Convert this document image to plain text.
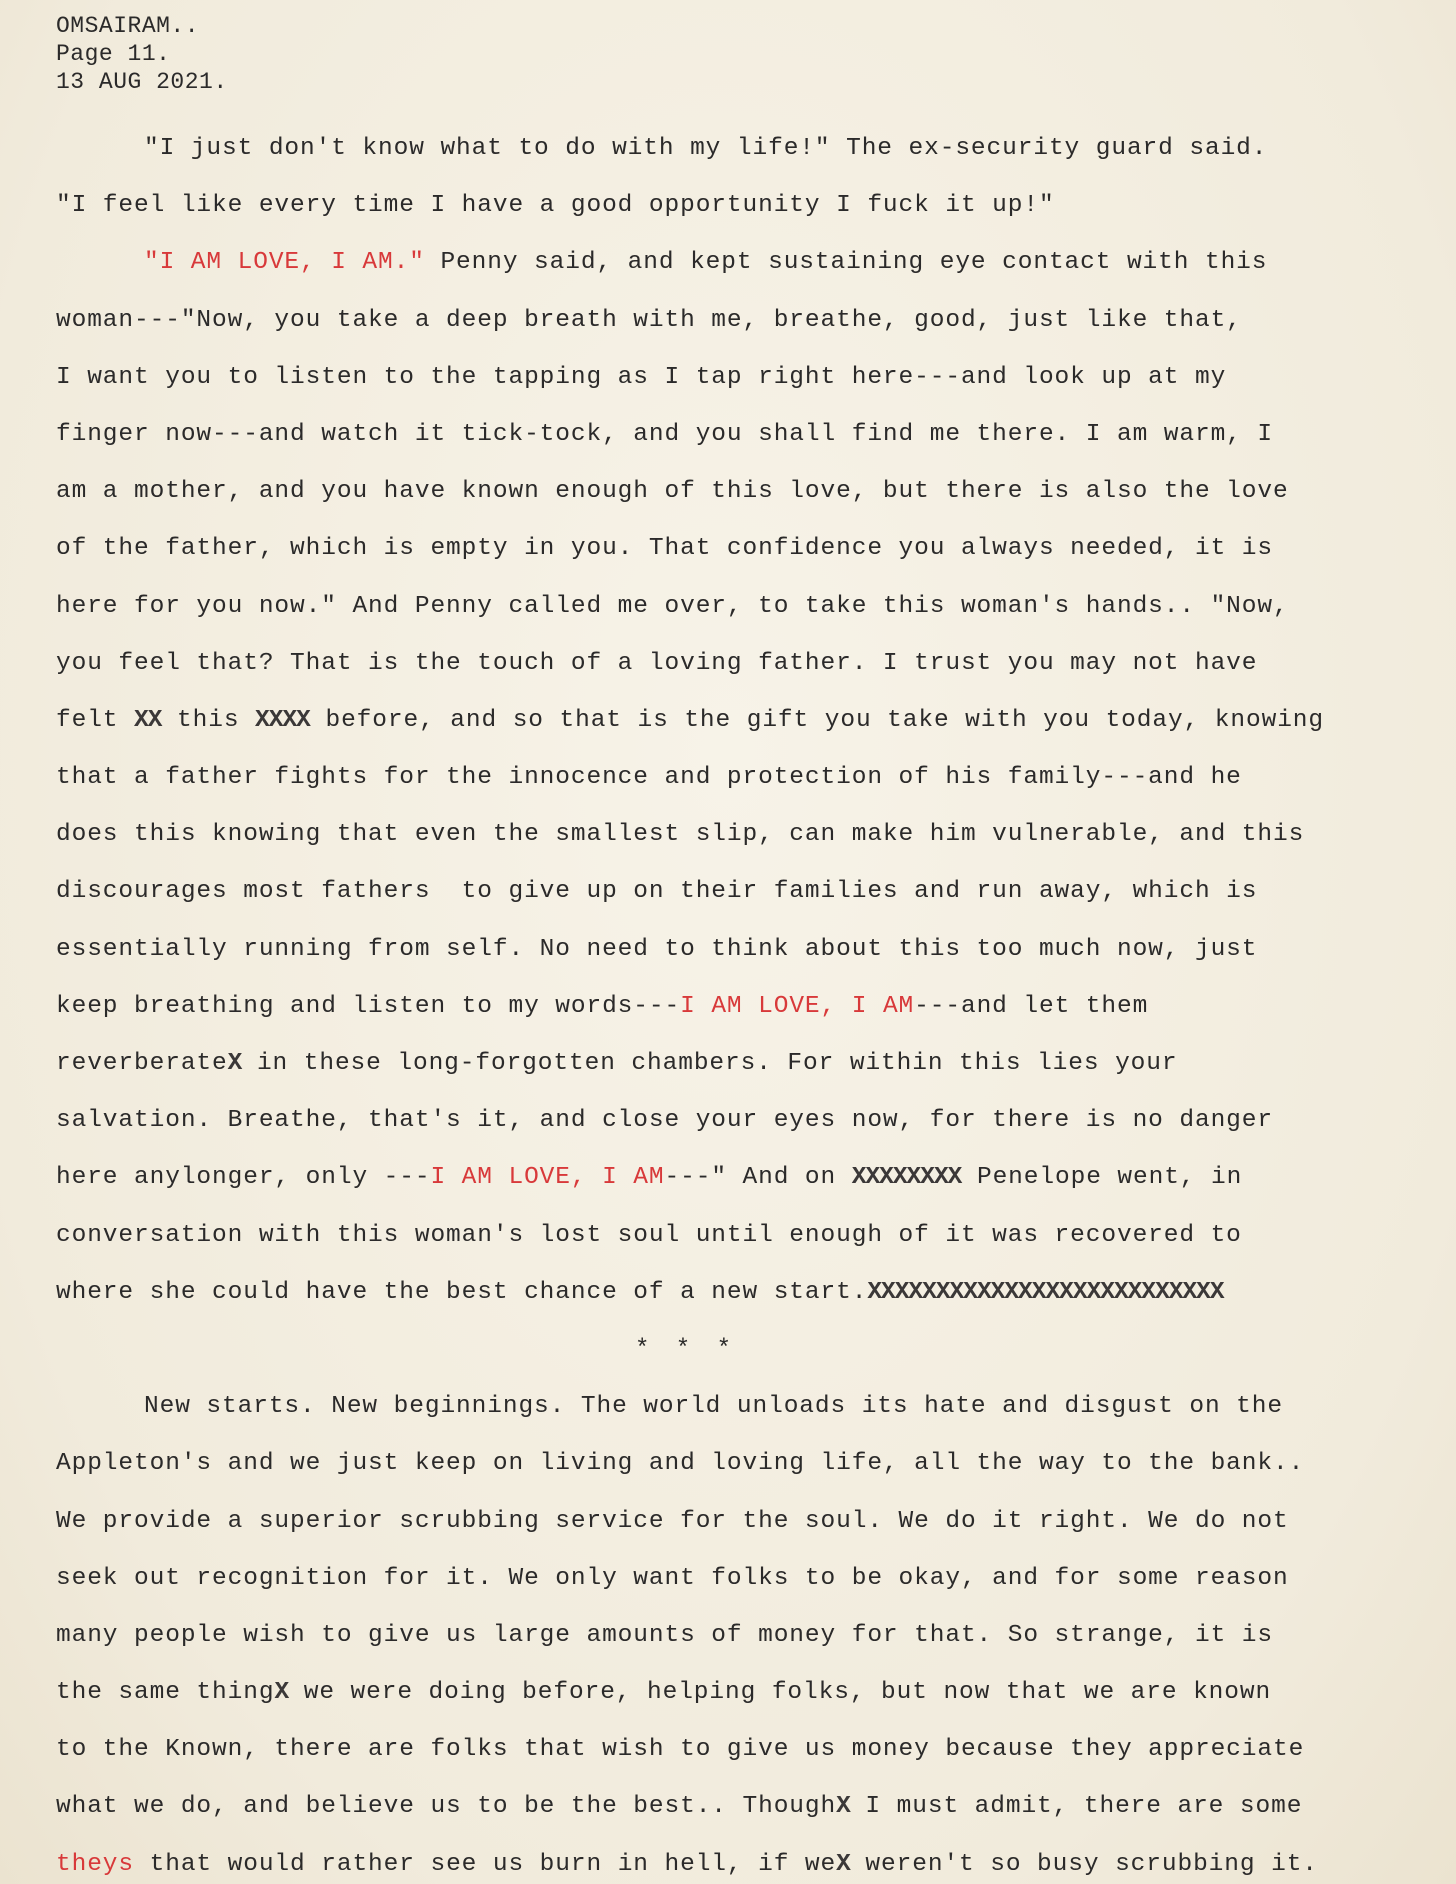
OMSAIRAM..
Page 11.
13 AUG 2021.
"I just don't know what to do with my life!" The ex-security guard said.
"I feel like every time I have a good opportunity I fuck it up!"
"I AM LOVE, I AM." Penny said, and kept sustaining eye contact with this
woman---"Now, you take a deep breath with me, breathe, good, just like that,
I want you to listen to the tapping as I tap right here---and look up at my
finger now---and watch it tick-tock, and you shall find me there. I am warm, I
am a mother, and you have known enough of this love, but there is also the love
of the father, which is empty in you. That confidence you always needed, it is
here for you now." And Penny called me over, to take this woman's hands.. "Now,
you feel that? That is the touch of a loving father. I trust you may not have
felt XX this XXXX before, and so that is the gift you take with you today, knowing
that a father fights for the innocence and protection of his family---and he
does this knowing that even the smallest slip, can make him vulnerable, and this
discourages most fathers  to give up on their families and run away, which is
essentially running from self. No need to think about this too much now, just
keep breathing and listen to my words---I AM LOVE, I AM---and let them
reverberateX in these long-forgotten chambers. For within this lies your
salvation. Breathe, that's it, and close your eyes now, for there is no danger
here anylonger, only ---I AM LOVE, I AM---" And on XXXXXXXX Penelope went, in
conversation with this woman's lost soul until enough of it was recovered to
where she could have the best chance of a new start.XXXXXXXXXXXXXXXXXXXXXXXXXX
* * *
New starts. New beginnings. The world unloads its hate and disgust on the
Appleton's and we just keep on living and loving life, all the way to the bank..
We provide a superior scrubbing service for the soul. We do it right. We do not
seek out recognition for it. We only want folks to be okay, and for some reason
many people wish to give us large amounts of money for that. So strange, it is
the same thingX we were doing before, helping folks, but now that we are known
to the Known, there are folks that wish to give us money because they appreciate
what we do, and believe us to be the best.. ThoughX I must admit, there are some
theys that would rather see us burn in hell, if weX weren't so busy scrubbing it.
